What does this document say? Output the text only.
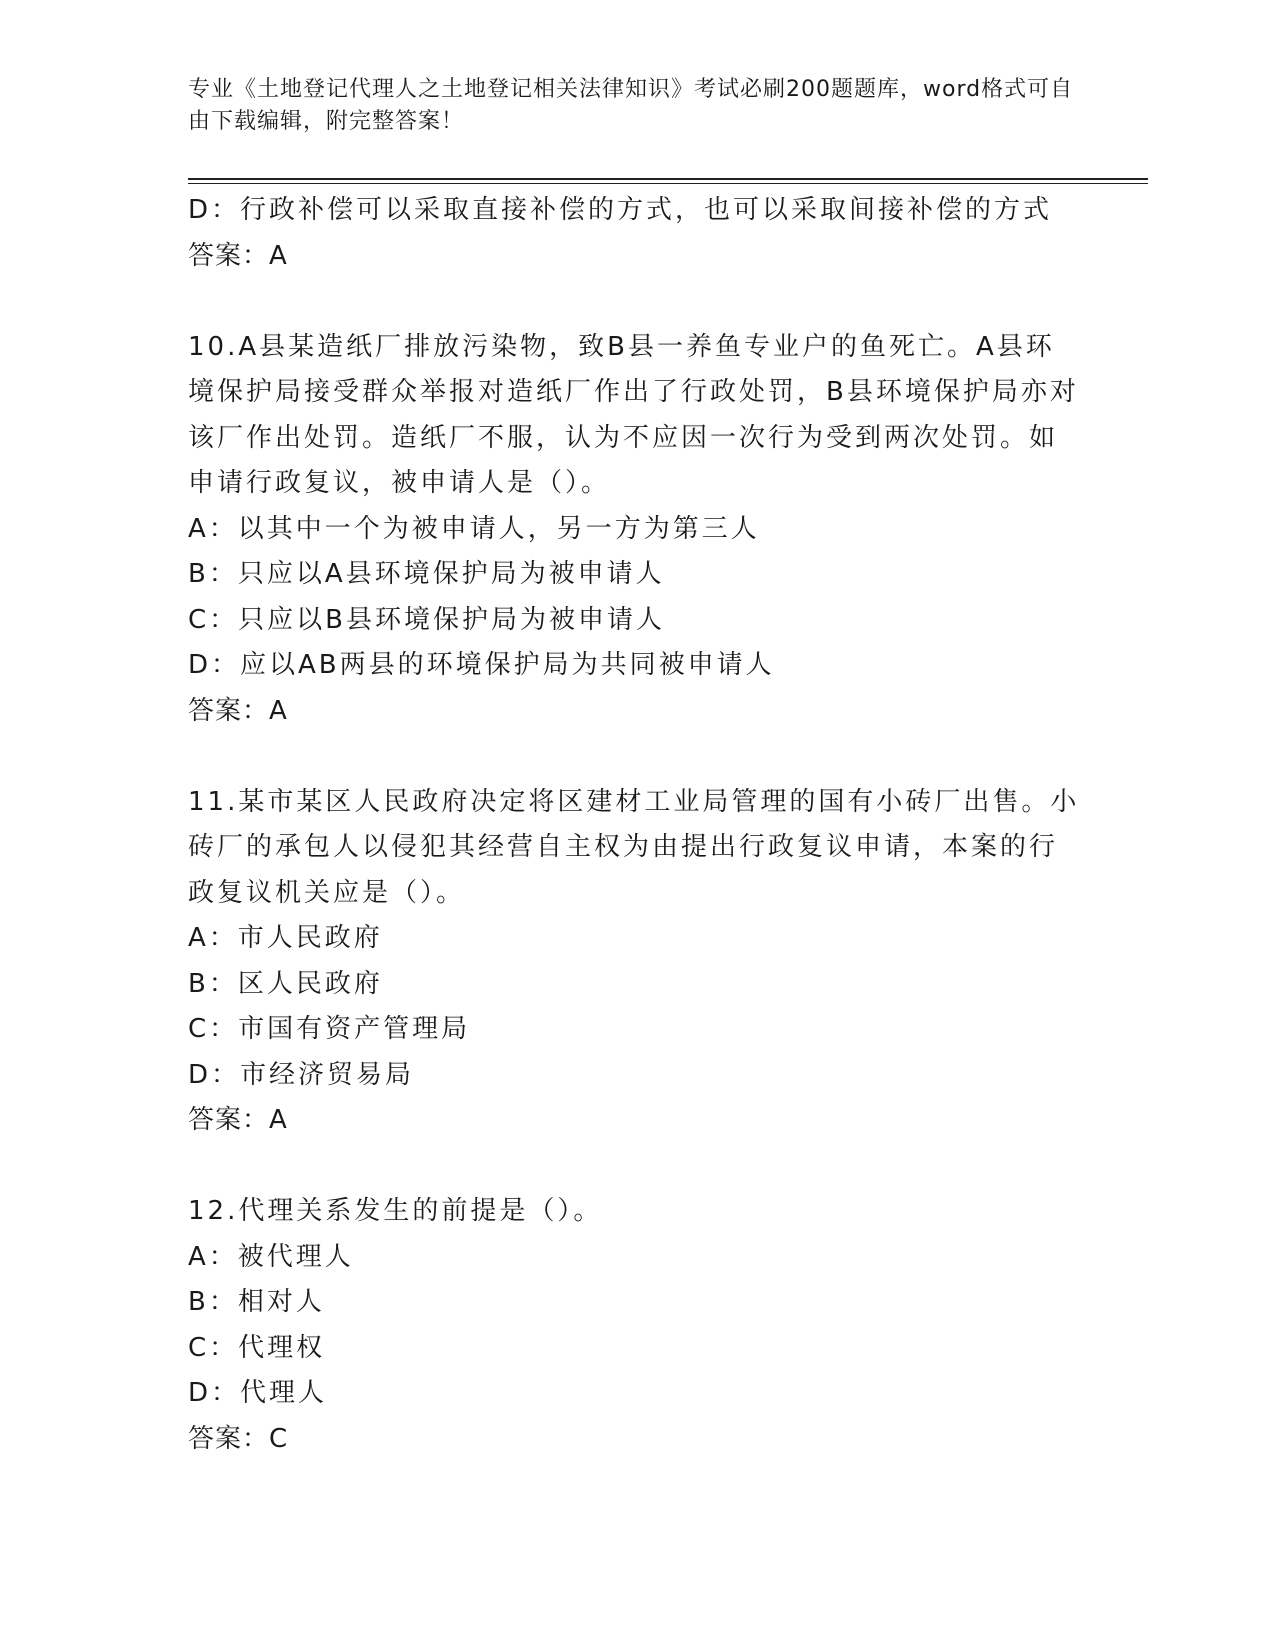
专业《土地登记代理人之土地登记相关法律知识》考试必刷200题题库，word格式可自由下载编辑，附完整答案！
D：行政补偿可以采取直接补偿的方式，也可以采取间接补偿的方式
答案：A
10.A县某造纸厂排放污染物，致B县一养鱼专业户的鱼死亡。A县环
境保护局接受群众举报对造纸厂作出了行政处罚，B县环境保护局亦对
该厂作出处罚。造纸厂不服，认为不应因一次行为受到两次处罚。如
申请行政复议，被申请人是（）。
A：以其中一个为被申请人，另一方为第三人
B：只应以A县环境保护局为被申请人
C：只应以B县环境保护局为被申请人
D：应以AB两县的环境保护局为共同被申请人
答案：A
11.某市某区人民政府决定将区建材工业局管理的国有小砖厂出售。小
砖厂的承包人以侵犯其经营自主权为由提出行政复议申请，本案的行
政复议机关应是（）。
A：市人民政府
B：区人民政府
C：市国有资产管理局
D：市经济贸易局
答案：A
12.代理关系发生的前提是（）。
A：被代理人
B：相对人
C：代理权
D：代理人
答案：C
